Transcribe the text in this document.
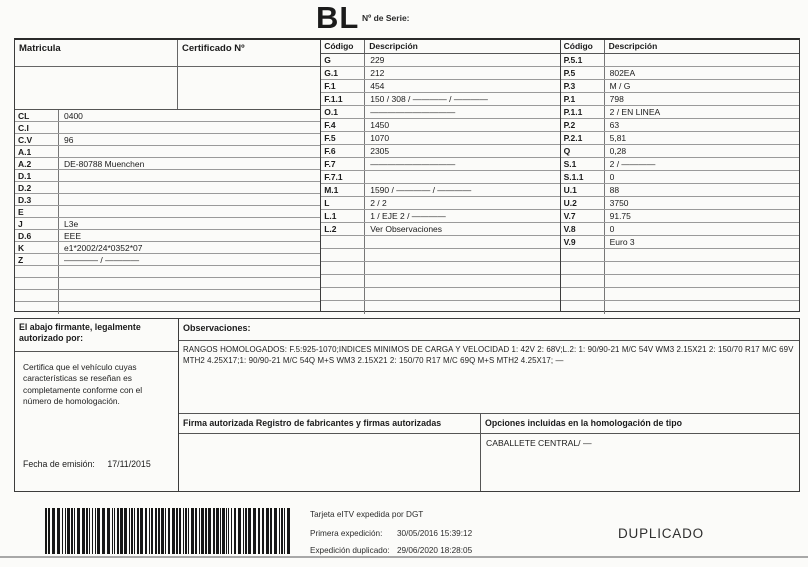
BL Nº de Serie:
Matricula	Certificado Nº
CL	0400
C.I
C.V	96
A.1
A.2	DE-80788 Muenchen
D.1
D.2
D.3
E
J	L3e
D.6	EEE
K	e1*2002/24*0352*07
Z	———— / ————
Código	Descripción
G	229
G.1	212
F.1	454
F.1.1	150 / 308 / ———— / ————
O.1	——————————
F.4	1450
F.5	1070
F.6	2305
F.7	——————————
F.7.1
M.1	1590 / ———— / ————
L	2 / 2
L.1	1 / EJE 2 / ————
L.2	Ver Observaciones
Código	Descripción
P.5.1
P.5	802EA
P.3	M / G
P.1	798
P.1.1	2 / EN LINEA
P.2	63
P.2.1	5,81
Q	0,28
S.1	2 / ————
S.1.1	0
U.1	88
U.2	3750
V.7	91.75
V.8	0
V.9	Euro 3
El abajo firmante, legalmente autorizado por:
Certifica que el vehículo cuyas características se reseñan es completamente conforme con el número de homologación.
Fecha de emisión: 17/11/2015
Observaciones:
RANGOS HOMOLOGADOS: F.5:925-1070;INDICES MINIMOS DE CARGA Y VELOCIDAD 1: 42V 2: 68V;L.2: 1: 90/90-21 M/C 54V WM3 2.15X21 2: 150/70 R17 M/C 69V MTH2 4.25X17;1: 90/90-21 M/C 54Q M+S WM3 2.15X21 2: 150/70 R17 M/C 69Q M+S MTH2 4.25X17; —
Firma autorizada Registro de fabricantes y firmas autorizadas	Opciones incluidas en la homologación de tipo
CABALLETE CENTRAL/ —
Tarjeta eITV expedida por DGT
Primera expedición: 30/05/2016 15:39:12
Expedición duplicado: 29/06/2020 18:28:05
DUPLICADO
